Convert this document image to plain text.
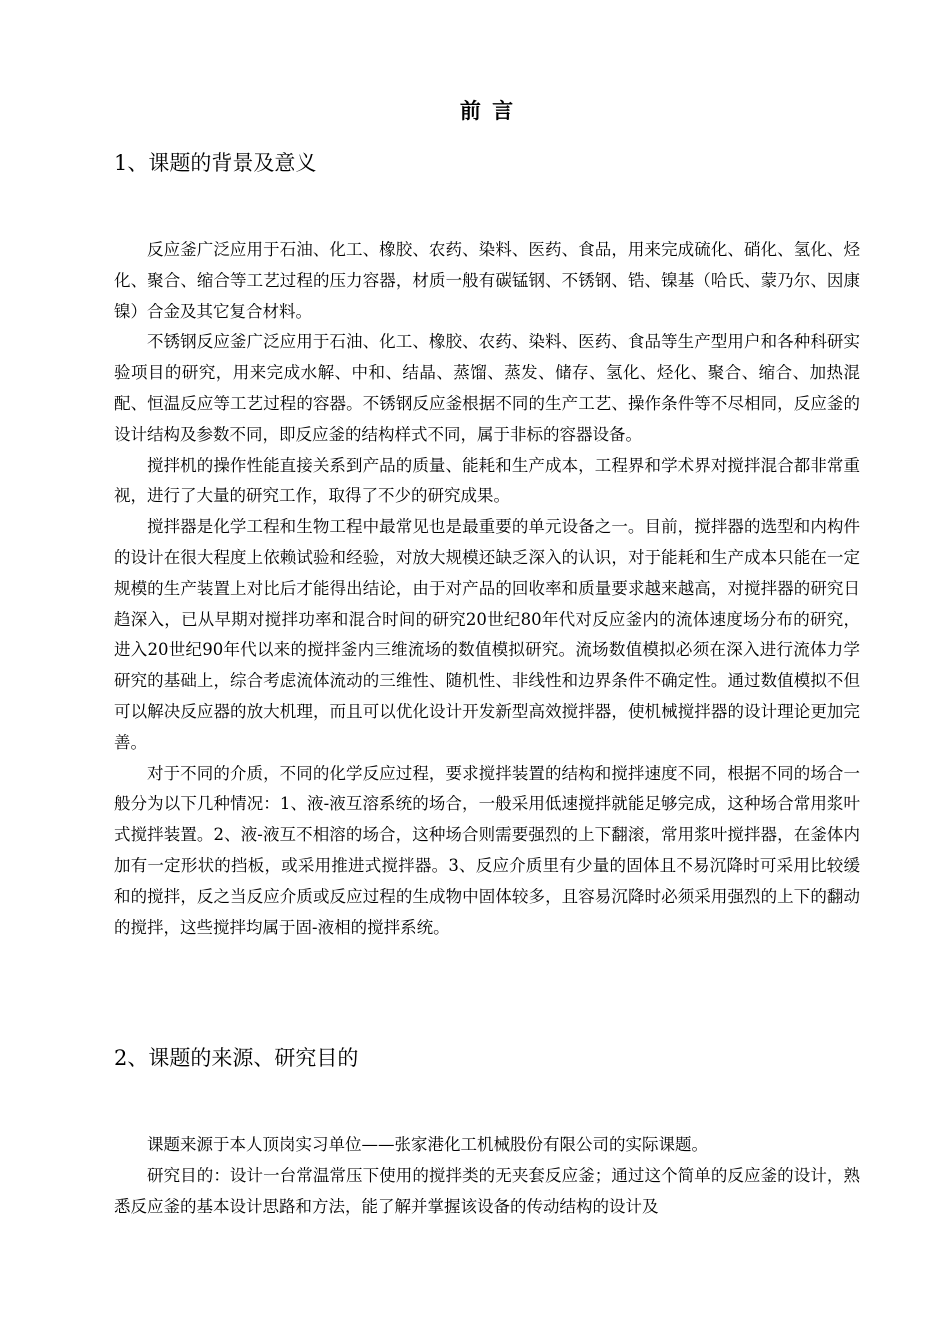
前 言
1、课题的背景及意义

反应釜广泛应用于石油、化工、橡胶、农药、染料、医药、食品，用来完成硫化、硝化、氢化、烃化、聚合、缩合等工艺过程的压力容器，材质一般有碳锰钢、不锈钢、锆、镍基（哈氏、蒙乃尔、因康镍）合金及其它复合材料。

不锈钢反应釜广泛应用于石油、化工、橡胶、农药、染料、医药、食品等生产型用户和各种科研实验项目的研究，用来完成水解、中和、结晶、蒸馏、蒸发、储存、氢化、烃化、聚合、缩合、加热混配、恒温反应等工艺过程的容器。不锈钢反应釜根据不同的生产工艺、操作条件等不尽相同，反应釜的设计结构及参数不同，即反应釜的结构样式不同，属于非标的容器设备。

搅拌机的操作性能直接关系到产品的质量、能耗和生产成本，工程界和学术界对搅拌混合都非常重视，进行了大量的研究工作，取得了不少的研究成果。

搅拌器是化学工程和生物工程中最常见也是最重要的单元设备之一。目前，搅拌器的选型和内构件的设计在很大程度上依赖试验和经验，对放大规模还缺乏深入的认识，对于能耗和生产成本只能在一定规模的生产装置上对比后才能得出结论，由于对产品的回收率和质量要求越来越高，对搅拌器的研究日趋深入，已从早期对搅拌功率和混合时间的研究20世纪80年代对反应釜内的流体速度场分布的研究，进入20世纪90年代以来的搅拌釜内三维流场的数值模拟研究。流场数值模拟必须在深入进行流体力学研究的基础上，综合考虑流体流动的三维性、随机性、非线性和边界条件不确定性。通过数值模拟不但可以解决反应器的放大机理，而且可以优化设计开发新型高效搅拌器，使机械搅拌器的设计理论更加完善。

对于不同的介质，不同的化学反应过程，要求搅拌装置的结构和搅拌速度不同，根据不同的场合一般分为以下几种情况：1、液-液互溶系统的场合，一般采用低速搅拌就能足够完成，这种场合常用浆叶式搅拌装置。2、液-液互不相溶的场合，这种场合则需要强烈的上下翻滚，常用浆叶搅拌器，在釜体内加有一定形状的挡板，或采用推进式搅拌器。3、反应介质里有少量的固体且不易沉降时可采用比较缓和的搅拌，反之当反应介质或反应过程的生成物中固体较多，且容易沉降时必须采用强烈的上下的翻动的搅拌，这些搅拌均属于固-液相的搅拌系统。

2、课题的来源、研究目的

课题来源于本人顶岗实习单位——张家港化工机械股份有限公司的实际课题。

研究目的：设计一台常温常压下使用的搅拌类的无夹套反应釜；通过这个简单的反应釜的设计，熟悉反应釜的基本设计思路和方法，能了解并掌握该设备的传动结构的设计及
